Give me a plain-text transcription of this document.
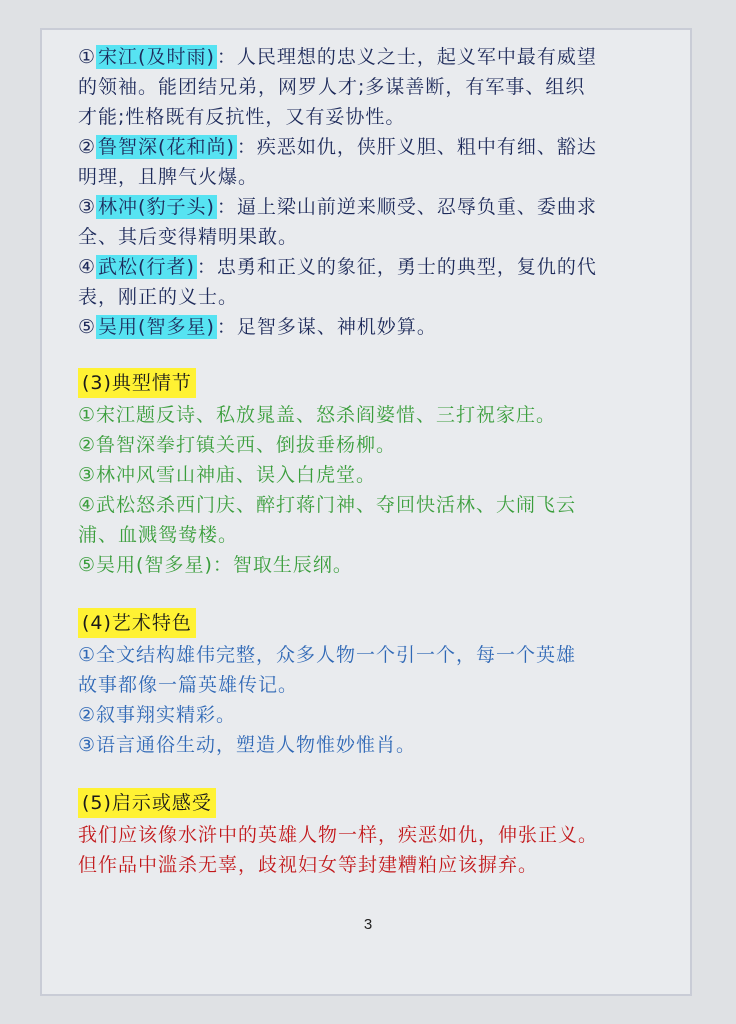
① 宋江(及时雨) ：人民理想的忠义之士，起义军中最有威望
的领袖。能团结兄弟，网罗人才;多谋善断，有军事、组织
才能;性格既有反抗性，又有妥协性。
② 鲁智深(花和尚) ：疾恶如仇，侠肝义胆、粗中有细、豁达
明理，且脾气火爆。
③ 林冲(豹子头) ：逼上梁山前逆来顺受、忍辱负重、委曲求
全、其后变得精明果敢。
④ 武松(行者) ：忠勇和正义的象征，勇士的典型，复仇的代
表，刚正的义士。
⑤ 吴用(智多星) ：足智多谋、神机妙算。
(3)典型情节
①宋江题反诗、私放晁盖、怒杀阎婆惜、三打祝家庄。
②鲁智深拳打镇关西、倒拔垂杨柳。
③林冲风雪山神庙、误入白虎堂。
④武松怒杀西门庆、醉打蒋门神、夺回快活林、大闹飞云
浦、血溅鸳鸯楼。
⑤吴用(智多星)：智取生辰纲。
(4)艺术特色
①全文结构雄伟完整，众多人物一个引一个，每一个英雄
故事都像一篇英雄传记。
②叙事翔实精彩。
③语言通俗生动，塑造人物惟妙惟肖。
(5)启示或感受
我们应该像水浒中的英雄人物一样，疾恶如仇，伸张正义。
但作品中滥杀无辜，歧视妇女等封建糟粕应该摒弃。
3
